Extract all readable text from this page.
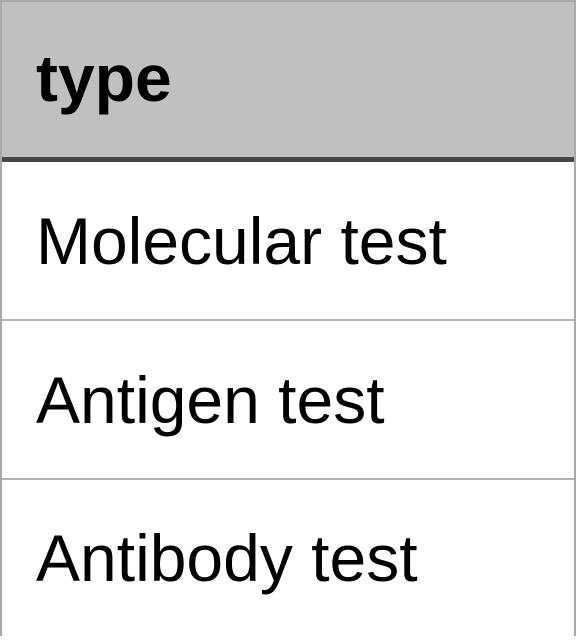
type
Molecular test
Antigen test
Antibody test
